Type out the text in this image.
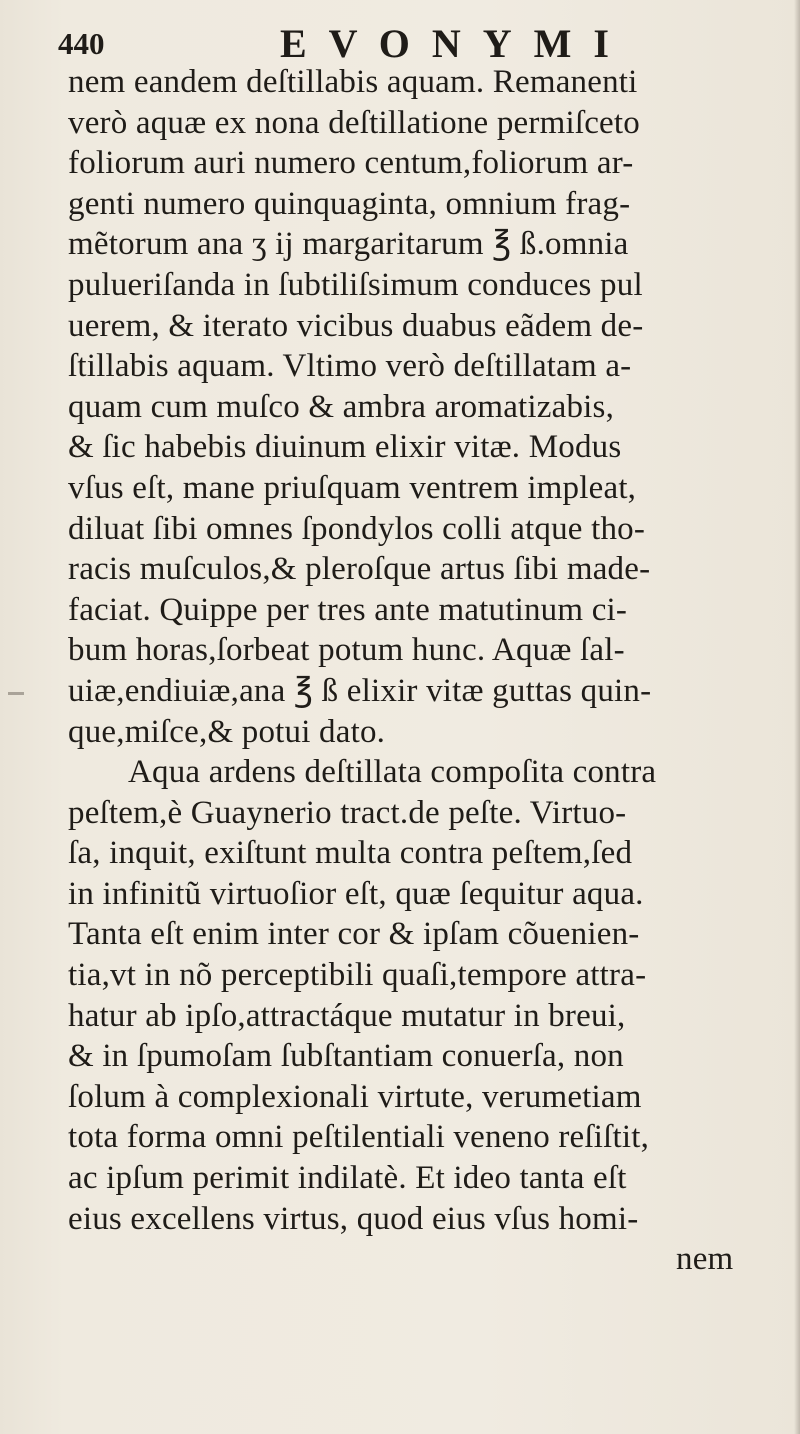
440	EVONYMI
nem eandem deſtillabis aquam. Remanenti
verò aquæ ex nona deſtillatione permiſceto
foliorum auri numero centum,foliorum ar-
genti numero quinquaginta, omnium frag-
mẽtorum ana ʒ ij margaritarum ℥ ß.omnia
pulueriſanda in ſubtiliſsimum conduces pul
uerem, & iterato vicibus duabus eãdem de-
ſtillabis aquam. Vltimo verò deſtillatam a-
quam cum muſco & ambra aromatizabis,
& ſic habebis diuinum elixir vitæ. Modus
vſus eſt, mane priuſquam ventrem impleat,
diluat ſibi omnes ſpondylos colli atque tho-
racis muſculos,& pleroſque artus ſibi made-
faciat. Quippe per tres ante matutinum ci-
bum horas,ſorbeat potum hunc. Aquæ ſal-
uiæ,endiuiæ,ana ℥ ß elixir vitæ guttas quin-
que,miſce,& potui dato.
Aqua ardens deſtillata compoſita contra
peſtem,è Guaynerio tract.de peſte. Virtuo-
ſa, inquit, exiſtunt multa contra peſtem,ſed
in infinitũ virtuoſior eſt, quæ ſequitur aqua.
Tanta eſt enim inter cor & ipſam cõuenien-
tia,vt in nõ perceptibili quaſi,tempore attra-
hatur ab ipſo,attractáque mutatur in breui,
& in ſpumoſam ſubſtantiam conuerſa, non
ſolum à complexionali virtute, verumetiam
tota forma omni peſtilentiali veneno reſiſtit,
ac ipſum perimit indilatè. Et ideo tanta eſt
eius excellens virtus, quod eius vſus homi-
nem
